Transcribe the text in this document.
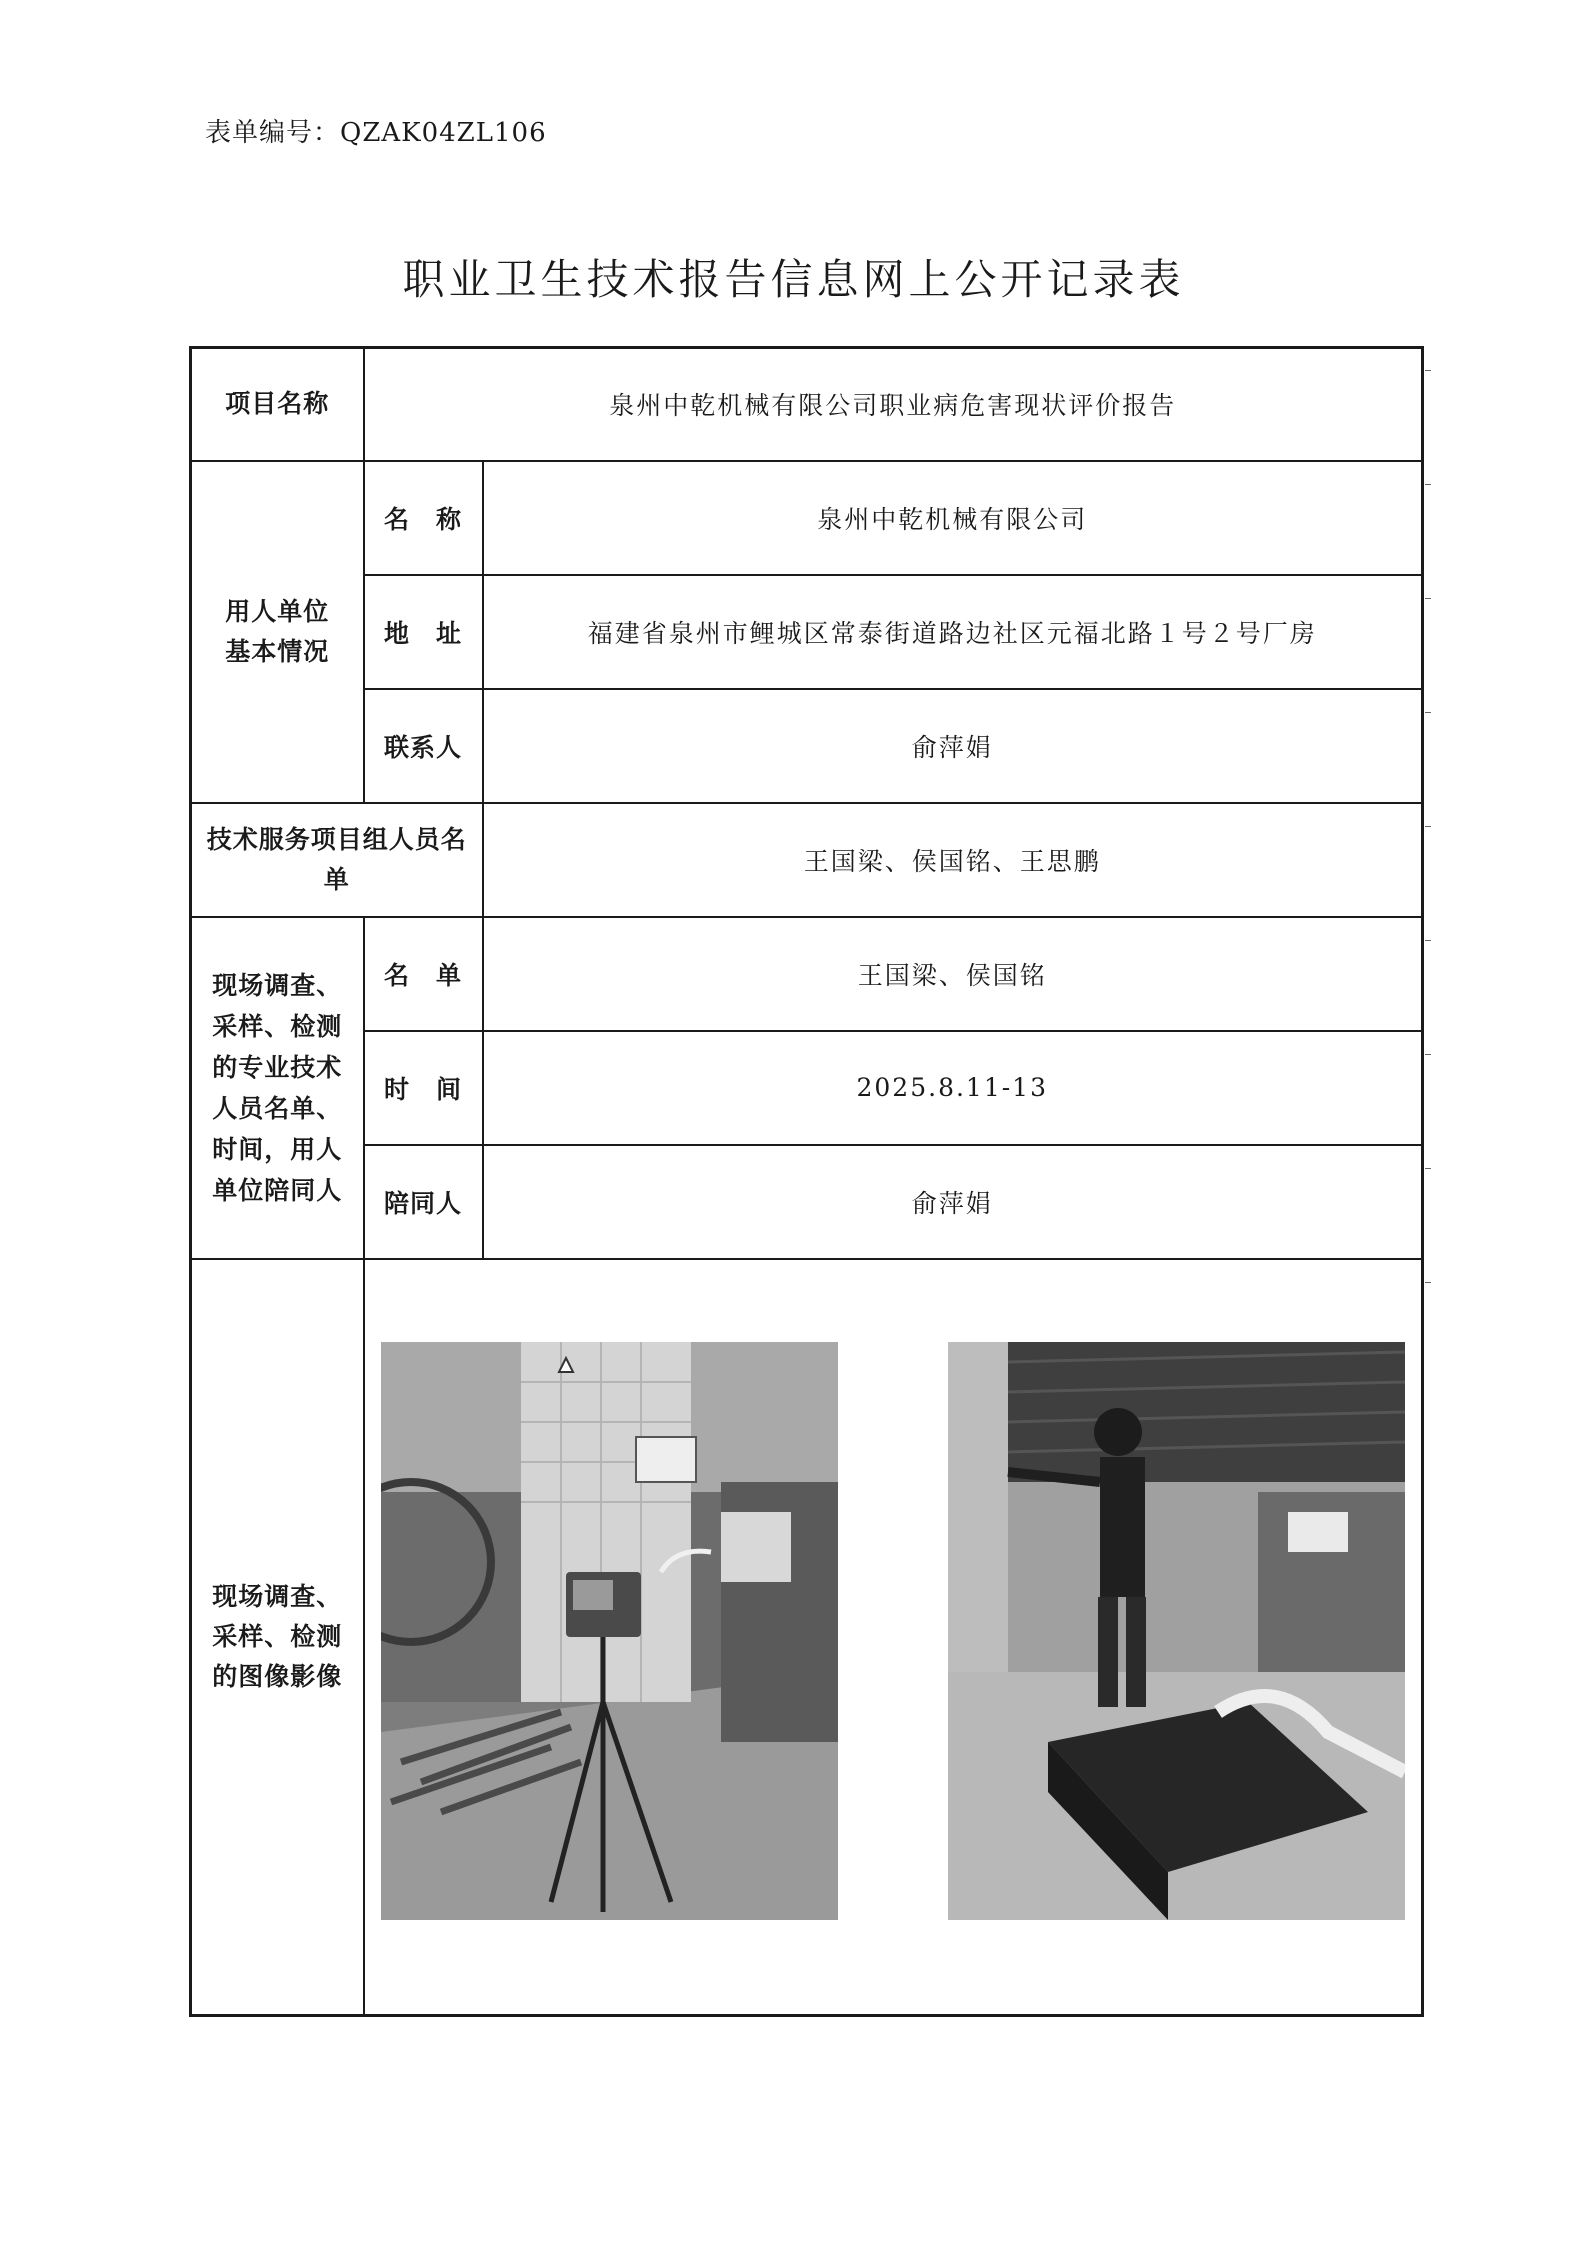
表单编号：QZAK04ZL106
职业卫生技术报告信息网上公开记录表
项目名称	泉州中乾机械有限公司职业病危害现状评价报告	

用人单位基本情况	名　称	泉州中乾机械有限公司
	地　址	福建省泉州市鲤城区常泰街道路边社区元福北路１号２号厂房
	联系人	俞萍娟

技术服务项目组人员名单		王国梁、侯国铭、王思鹏

现场调查、采样、检测的专业技术人员名单、时间，用人单位陪同人	名　单	王国梁、侯国铭
	时　间	2025.8.11-13
	陪同人	俞萍娟

现场调查、采样、检测的图像影像
